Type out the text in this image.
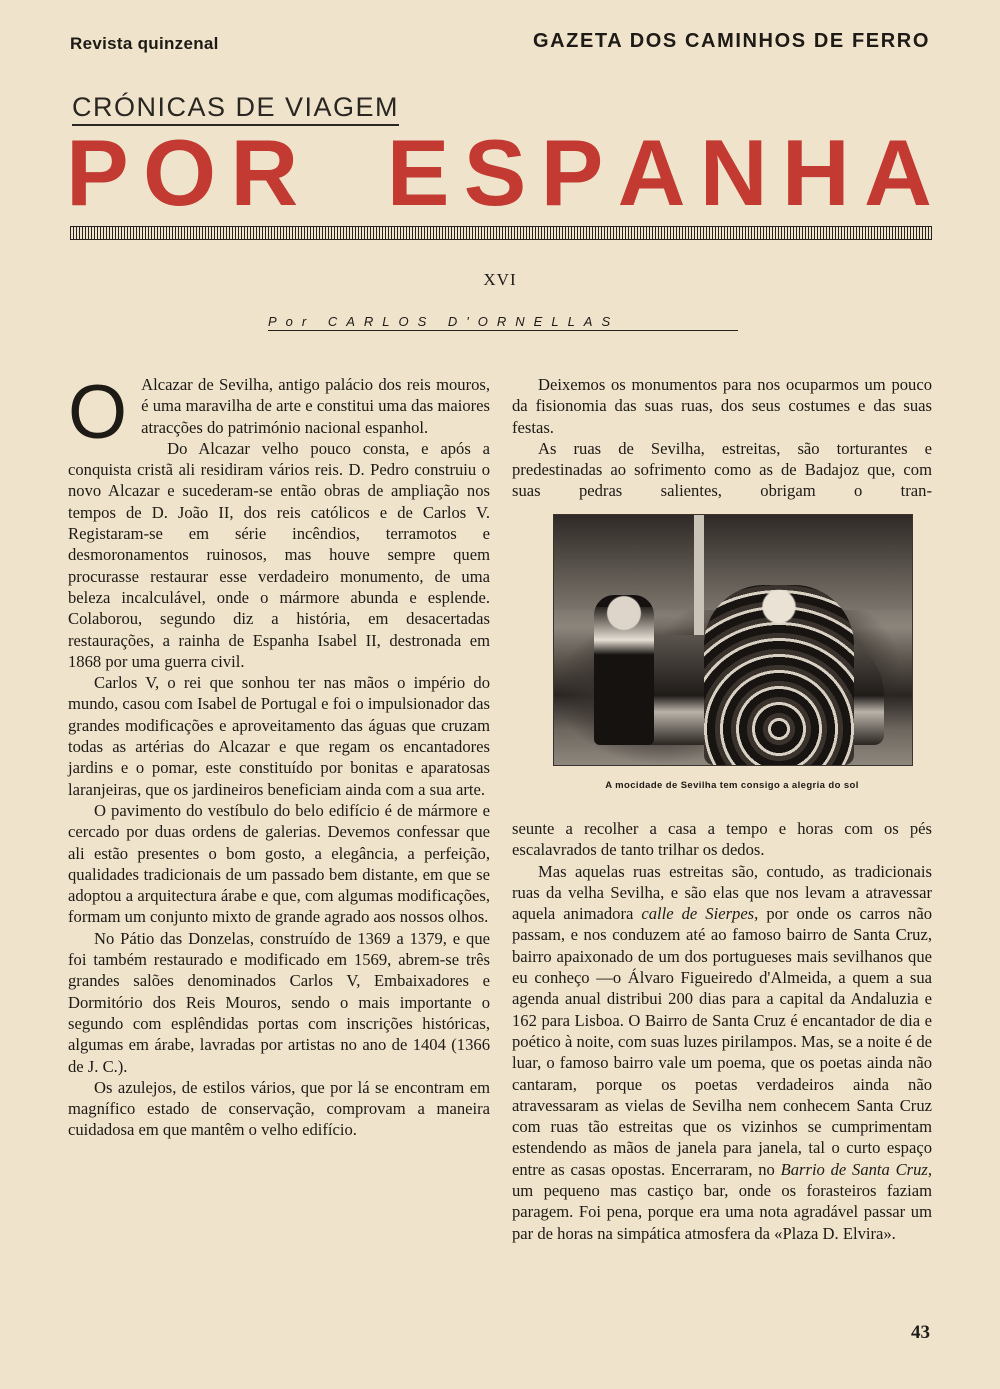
Revista quinzenal	GAZETA DOS CAMINHOS DE FERRO
CRÓNICAS DE VIAGEM
P O R E S P A N H A
XVI
Por CARLOS D'ORNELLAS

O Alcazar de Sevilha, antigo palácio dos reis mouros, é uma maravilha de arte e constitui uma das maiores atracções do património nacional espanhol.

Do Alcazar velho pouco consta, e após a conquista cristã ali residiram vários reis. D. Pedro construiu o novo Alcazar e sucederam-se então obras de ampliação nos tempos de D. João II, dos reis católicos e de Carlos V. Registaram-se em série incêndios, terramotos e desmoronamentos ruinosos, mas houve sempre quem procurasse restaurar esse verdadeiro monumento, de uma beleza incalculável, onde o mármore abunda e esplende. Colaborou, segundo diz a história, em desacertadas restaurações, a rainha de Espanha Isabel II, destronada em 1868 por uma guerra civil.

Carlos V, o rei que sonhou ter nas mãos o império do mundo, casou com Isabel de Portugal e foi o impulsionador das grandes modificações e aproveitamento das águas que cruzam todas as artérias do Alcazar e que regam os encantadores jardins e o pomar, este constituído por bonitas e aparatosas laranjeiras, que os jardineiros beneficiam ainda com a sua arte.

O pavimento do vestíbulo do belo edifício é de mármore e cercado por duas ordens de galerias. Devemos confessar que ali estão presentes o bom gosto, a elegância, a perfeição, qualidades tradicionais de um passado bem distante, em que se adoptou a arquitectura árabe e que, com algumas modificações, formam um conjunto mixto de grande agrado aos nossos olhos.

No Pátio das Donzelas, construído de 1369 a 1379, e que foi também restaurado e modificado em 1569, abrem-se três grandes salões denominados Carlos V, Embaixadores e Dormitório dos Reis Mouros, sendo o mais importante o segundo com esplêndidas portas com inscrições históricas, algumas em árabe, lavradas por artistas no ano de 1404 (1366 de J. C.).

Os azulejos, de estilos vários, que por lá se encontram em magnífico estado de conservação, comprovam a maneira cuidadosa em que mantêm o velho edifício.

Deixemos os monumentos para nos ocuparmos um pouco da fisionomia das suas ruas, dos seus costumes e das suas festas.

As ruas de Sevilha, estreitas, são torturantes e predestinadas ao sofrimento como as de Badajoz que, com suas pedras salientes, obrigam o tran-

A mocidade de Sevilha tem consigo a alegria do sol

seunte a recolher a casa a tempo e horas com os pés escalavrados de tanto trilhar os dedos.

Mas aquelas ruas estreitas são, contudo, as tradicionais ruas da velha Sevilha, e são elas que nos levam a atravessar aquela animadora calle de Sierpes, por onde os carros não passam, e nos conduzem até ao famoso bairro de Santa Cruz, bairro apaixonado de um dos portugueses mais sevilhanos que eu conheço —o Álvaro Figueiredo d'Almeida, a quem a sua agenda anual distribui 200 dias para a capital da Andaluzia e 162 para Lisboa. O Bairro de Santa Cruz é encantador de dia e poético à noite, com suas luzes pirilampos. Mas, se a noite é de luar, o famoso bairro vale um poema, que os poetas ainda não cantaram, porque os poetas verdadeiros ainda não atravessaram as vielas de Sevilha nem conhecem Santa Cruz com ruas tão estreitas que os vizinhos se cumprimentam estendendo as mãos de janela para janela, tal o curto espaço entre as casas opostas. Encerraram, no Barrio de Santa Cruz, um pequeno mas castiço bar, onde os forasteiros faziam paragem. Foi pena, porque era uma nota agradável passar um par de horas na simpática atmosfera da «Plaza D. Elvira».

43
